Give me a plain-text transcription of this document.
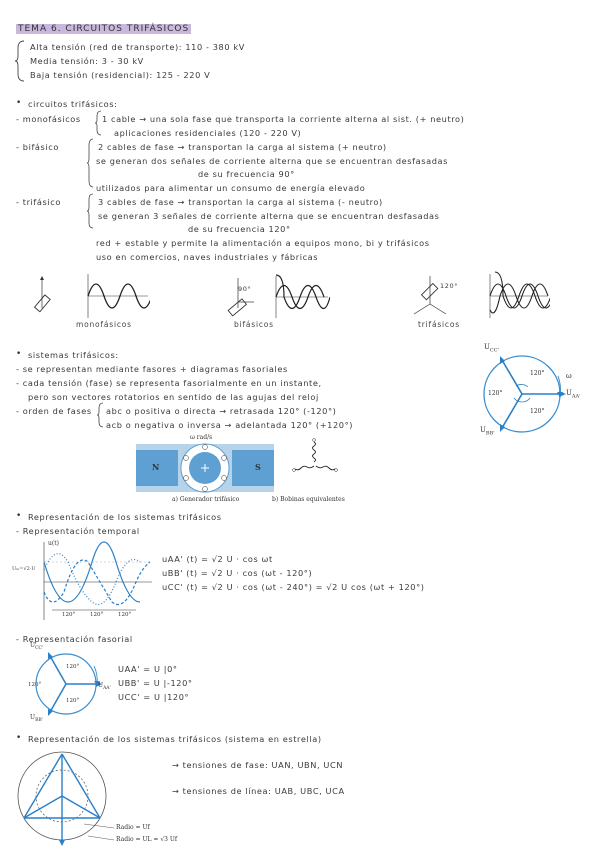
TEMA 6. CIRCUITOS TRIFÁSICOS
Alta tensión (red de transporte): 110 - 380 kV
Media tensión: 3 - 30 kV
Baja tensión (residencial): 125 - 220 V
• circuitos trifásicos:
- monofásicos	1 cable → una sola fase que transporta la corriente alterna al sist. (+ neutro)
aplicaciones residenciales (120 - 220 V)
- bifásico	2 cables de fase → transportan la carga al sistema (+ neutro)
se generan dos señales de corriente alterna que se encuentran desfasadas
de su frecuencia 90°
utilizados para alimentar un consumo de energía elevado
- trifásico	3 cables de fase → transportan la carga al sistema (- neutro)
se generan 3 señales de corriente alterna que se encuentran desfasadas
de su frecuencia 120°
red + estable y permite la alimentación a equipos mono, bi y trifásicos
uso en comercios, naves industriales y fábricas
monofásicos
90°
bifásicos
120°
trifásicos
• sistemas trifásicos:
- se representan mediante fasores + diagramas fasoriales
- cada tensión (fase) se representa fasorialmente en un instante,
pero son vectores rotatorios en sentido de las agujas del reloj
- orden de fases abc o positiva o directa → retrasada 120° (-120°)
acb o negativa o inversa → adelantada 120° (+120°)
$U_{CC'}$
$U_{AA'}$
$U_{BB'}$
120°
120°
120°
ω
ω rad/s
N	S
a) Generador trifásico	b) Bobinas equivalentes
• Representación de los sistemas trifásicos
- Representación temporal
u(t)
Uₘ=√2·U
120°	120°	120°
uAA' (t) = √2 U · cos ωt
uBB' (t) = √2 U · cos (ωt - 120°)
uCC' (t) = √2 U · cos (ωt - 240°) = √2 U cos (ωt + 120°)
- Representación fasorial
$U_{CC'}$
$U_{AA'}$
$U_{BB'}$
120°
120°
120°
UAA' = U |0°
UBB' = U |-120°
UCC' = U |120°
• Representación de los sistemas trifásicos (sistema en estrella)
Radio = Uf
Radio = UL = √3 Uf
→ tensiones de fase: UAN, UBN, UCN
→ tensiones de línea: UAB, UBC, UCA
